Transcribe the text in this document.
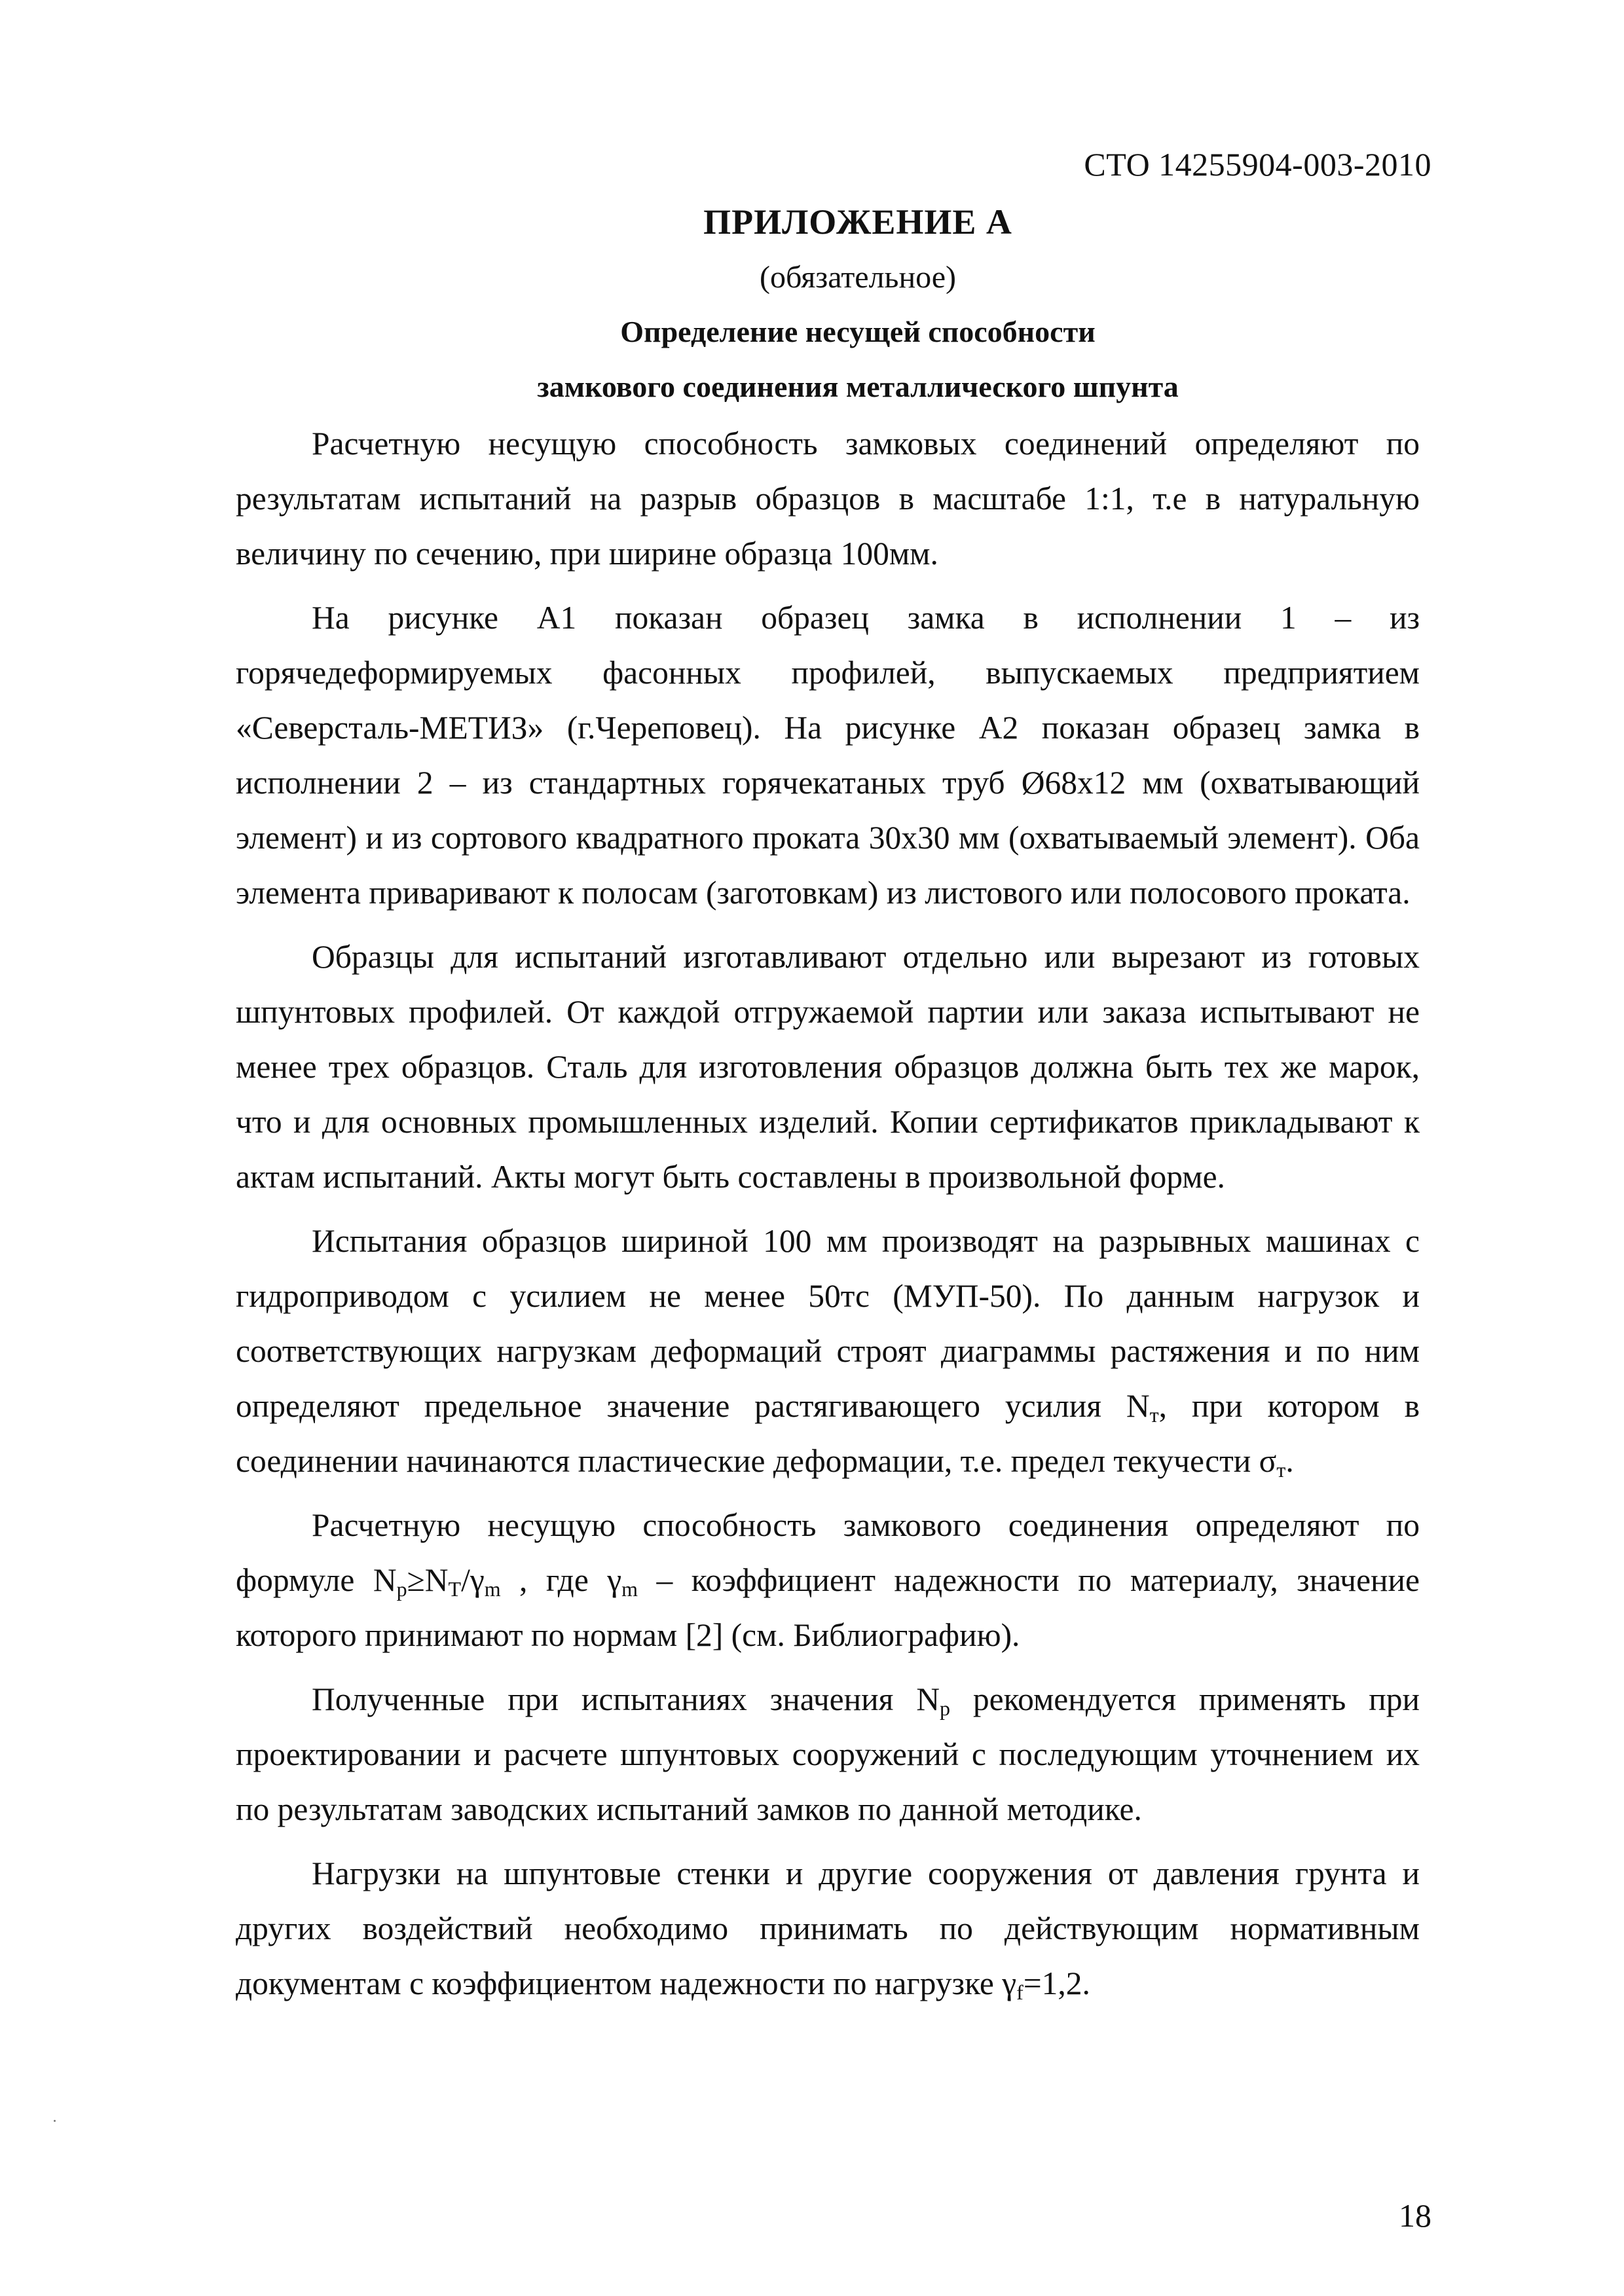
СТО 14255904-003-2010
ПРИЛОЖЕНИЕ А
(обязательное)
Определение несущей способности
замкового соединения металлического шпунта

Расчетную несущую способность замковых соединений определяют по результатам испытаний на разрыв образцов в масштабе 1:1, т.е в натуральную величину по сечению, при ширине образца 100мм.

На рисунке А1 показан образец замка в исполнении 1 – из горячедеформируемых фасонных профилей, выпускаемых предприятием «Северсталь-МЕТИЗ» (г.Череповец). На рисунке А2 показан образец замка в исполнении 2 – из стандартных горячекатаных труб Ø68х12 мм (охватывающий элемент) и из сортового квадратного проката 30х30 мм (охватываемый элемент). Оба элемента приваривают к полосам (заготовкам) из листового или полосового проката.

Образцы для испытаний изготавливают отдельно или вырезают из готовых шпунтовых профилей. От каждой отгружаемой партии или заказа испытывают не менее трех образцов. Сталь для изготовления образцов должна быть тех же марок, что и для основных промышленных изделий. Копии сертификатов прикладывают к актам испытаний. Акты могут быть составлены в произвольной форме.

Испытания образцов шириной 100 мм производят на разрывных машинах с гидроприводом с усилием не менее 50тс (МУП-50). По данным нагрузок и соответствующих нагрузкам деформаций строят диаграммы растяжения и по ним определяют предельное значение растягивающего усилия $N_т$, при котором в соединении начинаются пластические деформации, т.е. предел текучести $\sigma_т$.

Расчетную несущую способность замкового соединения определяют по формуле $N_p\ge N_T/\gamma_m$ , где $\gamma_m$ – коэффициент надежности по материалу, значение которого принимают по нормам [2] (см. Библиографию).

Полученные при испытаниях значения $N_p$ рекомендуется применять при проектировании и расчете шпунтовых сооружений с последующим уточнением их по результатам заводских испытаний замков по данной методике.

Нагрузки на шпунтовые стенки и другие сооружения от давления грунта и других воздействий необходимо принимать по действующим нормативным документам с коэффициентом надежности по нагрузке $\gamma_f=1,2$.

18
